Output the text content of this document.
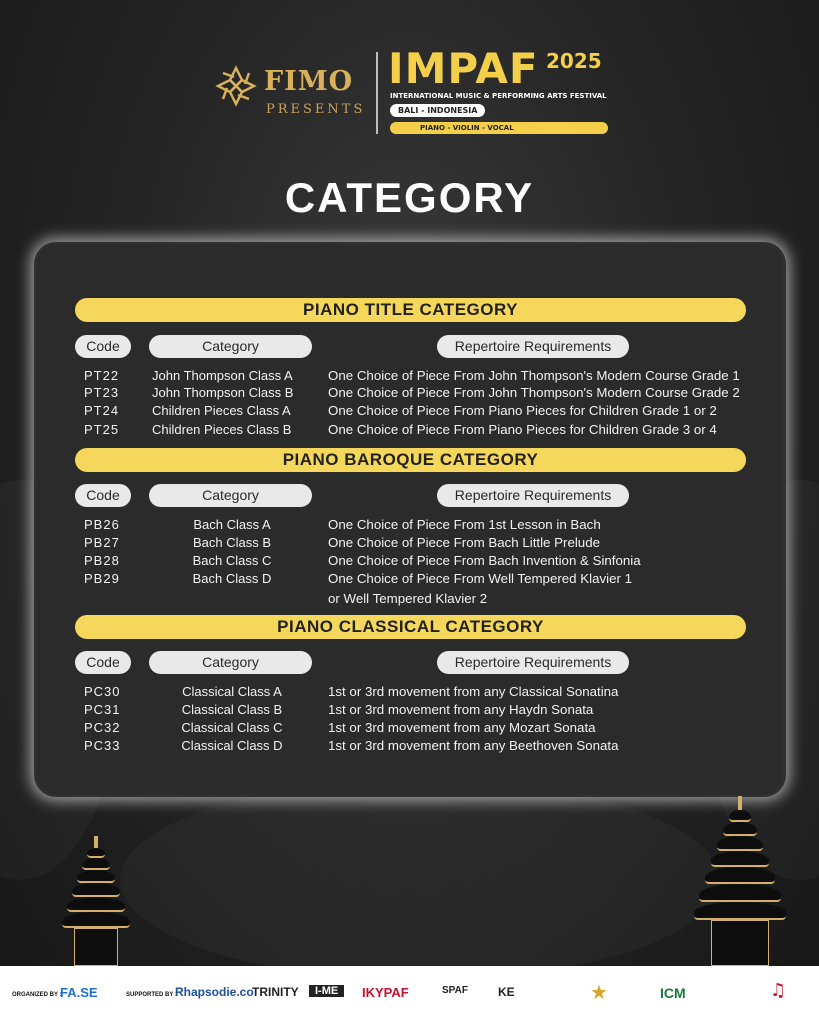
FIMO
PRESENTS
IMPAF 2025
INTERNATIONAL MUSIC & PERFORMING ARTS FESTIVAL
BALI - INDONESIA
PIANO - VIOLIN - VOCAL
CATEGORY
PIANO TITLE CATEGORY
Code	Category	Repertoire Requirements
PT22	John Thompson Class A	One Choice of Piece From John Thompson's Modern Course Grade 1
PT23	John Thompson Class B	One Choice of Piece From John Thompson's Modern Course Grade 2
PT24	Children Pieces Class A	One Choice of Piece From Piano Pieces for Children Grade 1 or 2
PT25	Children Pieces Class B	One Choice of Piece From Piano Pieces for Children Grade 3 or 4
PIANO BAROQUE CATEGORY
Code	Category	Repertoire Requirements
PB26	Bach Class A	One Choice of Piece From 1st Lesson in Bach
PB27	Bach Class B	One Choice of Piece From Bach Little Prelude
PB28	Bach Class C	One Choice of Piece From Bach Invention & Sinfonia
PB29	Bach Class D	One Choice of Piece From Well Tempered Klavier 1
or Well Tempered Klavier 2
PIANO CLASSICAL CATEGORY
Code	Category	Repertoire Requirements
PC30	Classical Class A	1st or 3rd movement from any Classical Sonatina
PC31	Classical Class B	1st or 3rd movement from any Haydn Sonata
PC32	Classical Class C	1st or 3rd movement from any Mozart Sonata
PC33	Classical Class D	1st or 3rd movement from any Beethoven Sonata
ORGANIZED BY :
FA.SE	SUPPORTED BY :
Rhapsodie.co
TRINITY	I-ME	IKYPAF	SPAF	KE	★	ICM	♫
